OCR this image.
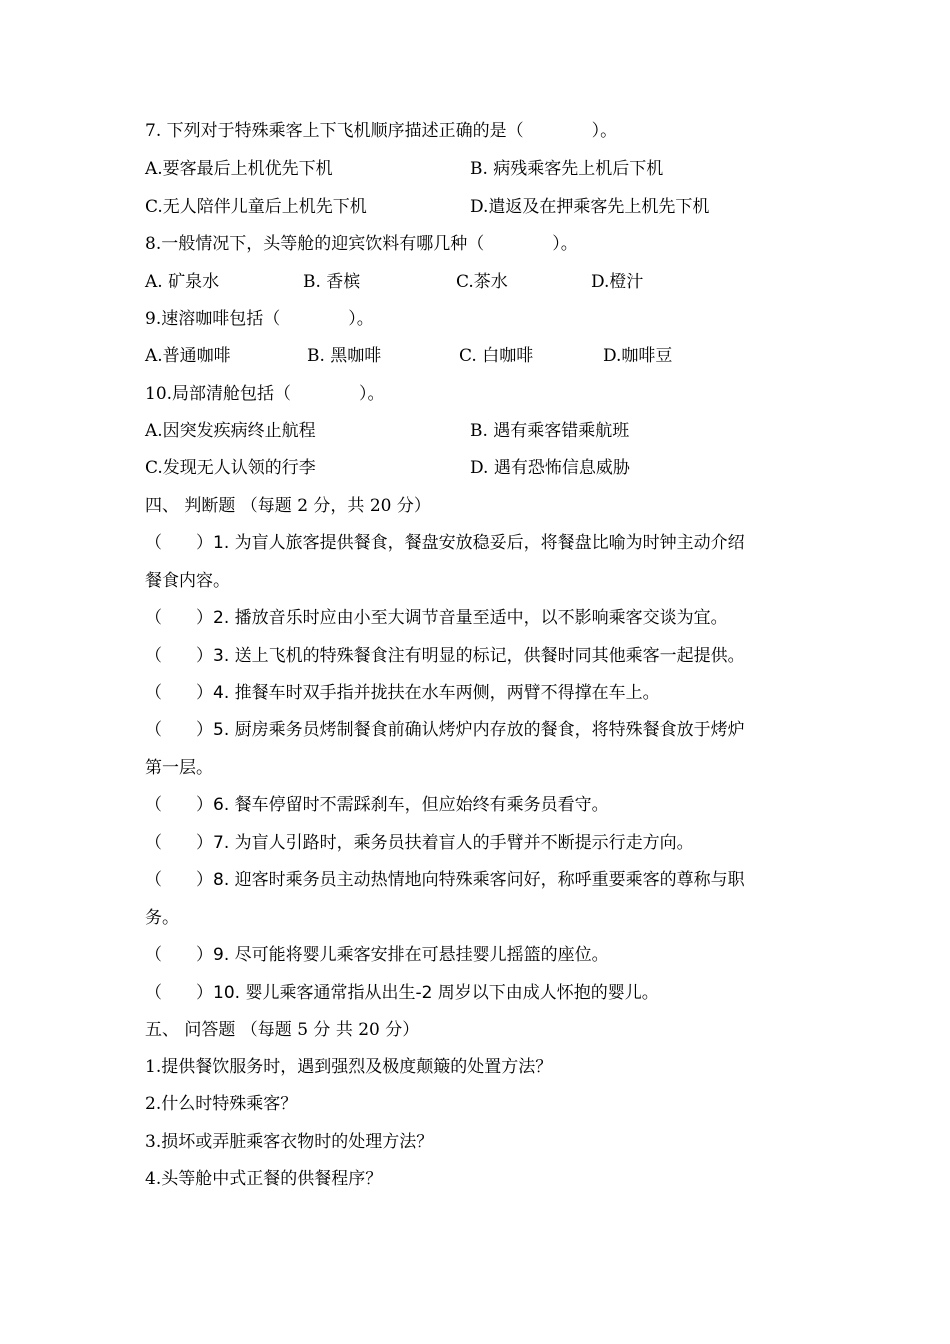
7. 下列对于特殊乘客上下飞机顺序描述正确的是（　　　　）。
A.要客最后上机优先下机	B. 病残乘客先上机后下机
C.无人陪伴儿童后上机先下机	D.遣返及在押乘客先上机先下机
8.一般情况下，头等舱的迎宾饮料有哪几种（　　　　）。
A. 矿泉水	B. 香槟	C.茶水	D.橙汁
9.速溶咖啡包括（　　　　）。
A.普通咖啡	B. 黑咖啡	C. 白咖啡	D.咖啡豆
10.局部清舱包括（　　　　）。
A.因突发疾病终止航程	B. 遇有乘客错乘航班
C.发现无人认领的行李	D. 遇有恐怖信息威胁
四、 判断题 （每题 2 分，共 20 分）
（　　）1. 为盲人旅客提供餐食，餐盘安放稳妥后，将餐盘比喻为时钟主动介绍
餐食内容。
（　　）2. 播放音乐时应由小至大调节音量至适中，以不影响乘客交谈为宜。
（　　）3. 送上飞机的特殊餐食注有明显的标记，供餐时同其他乘客一起提供。
（　　）4. 推餐车时双手指并拢扶在水车两侧，两臂不得撑在车上。
（　　）5. 厨房乘务员烤制餐食前确认烤炉内存放的餐食，将特殊餐食放于烤炉
第一层。
（　　）6. 餐车停留时不需踩刹车，但应始终有乘务员看守。
（　　）7. 为盲人引路时，乘务员扶着盲人的手臂并不断提示行走方向。
（　　）8. 迎客时乘务员主动热情地向特殊乘客问好，称呼重要乘客的尊称与职
务。
（　　）9. 尽可能将婴儿乘客安排在可悬挂婴儿摇篮的座位。
（　　）10. 婴儿乘客通常指从出生-2 周岁以下由成人怀抱的婴儿。
五、 问答题 （每题 5 分 共 20 分）
1.提供餐饮服务时，遇到强烈及极度颠簸的处置方法？
2.什么时特殊乘客？
3.损坏或弄脏乘客衣物时的处理方法？
4.头等舱中式正餐的供餐程序？
